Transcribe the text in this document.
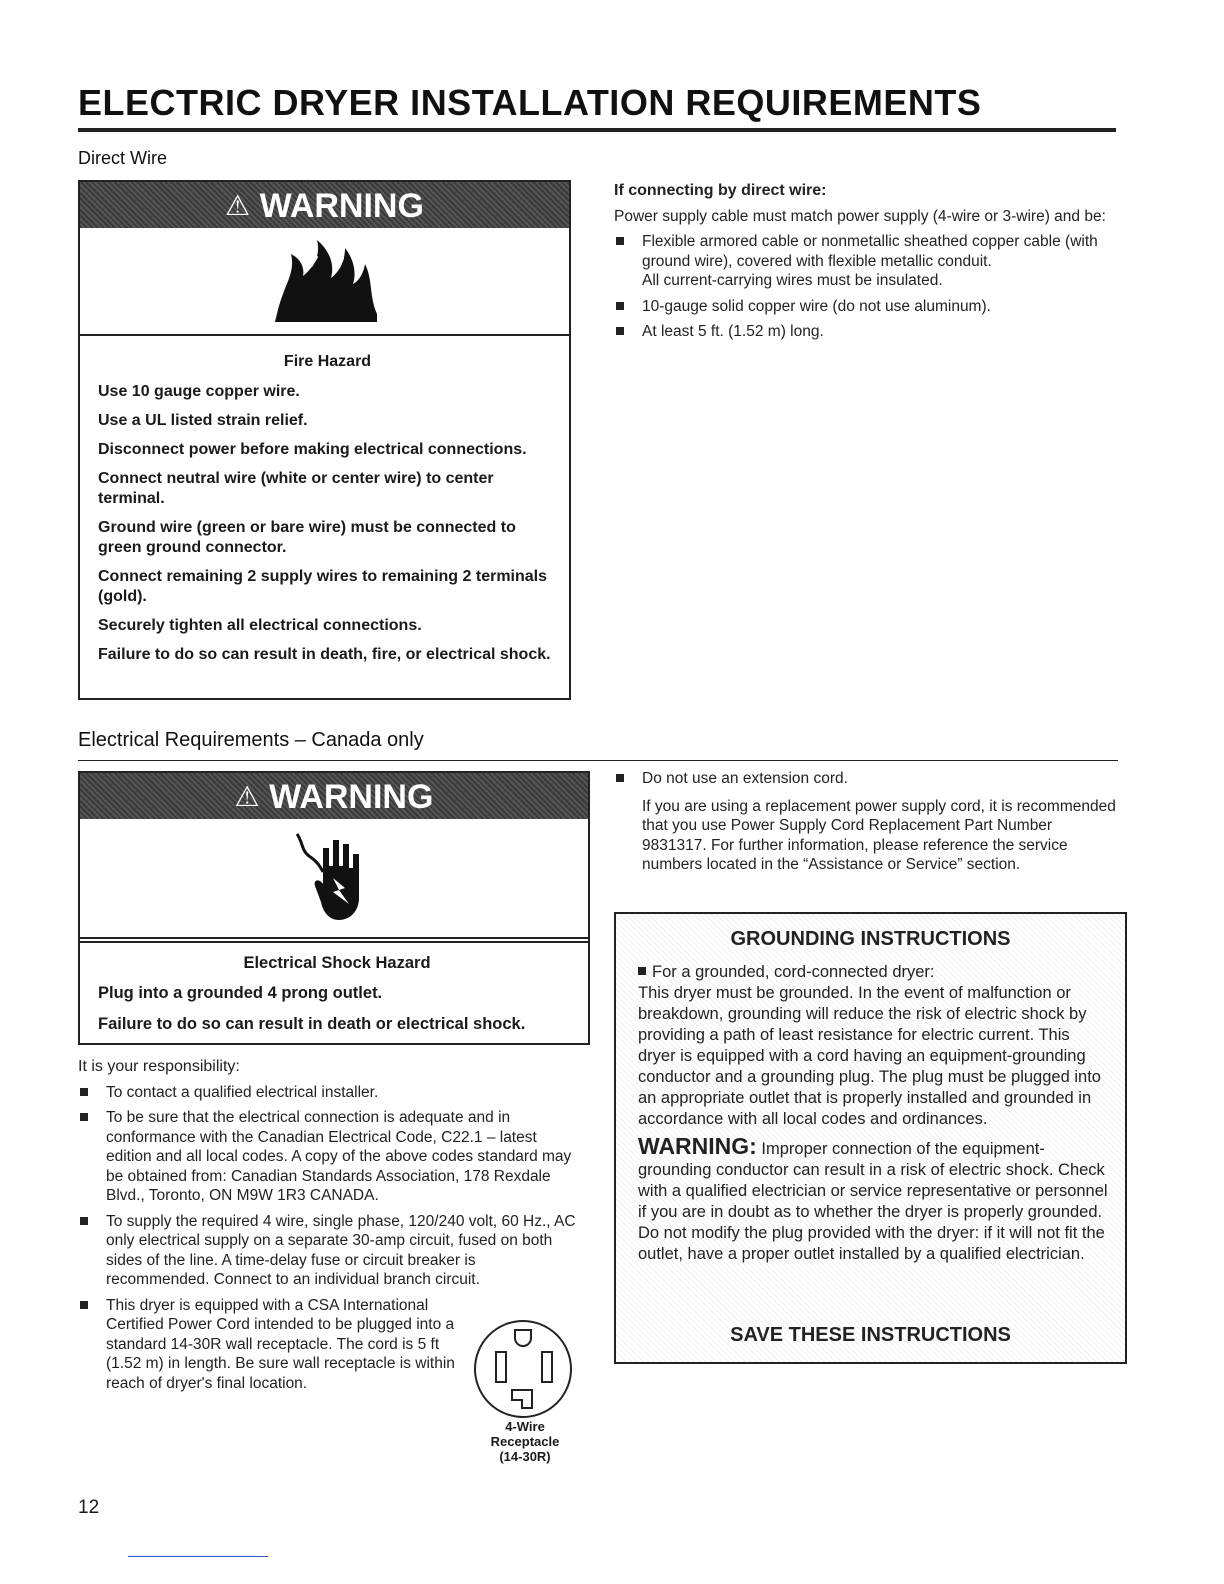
ELECTRIC DRYER INSTALLATION REQUIREMENTS
Direct Wire
⚠ WARNING

Fire Hazard

Use 10 gauge copper wire.

Use a UL listed strain relief.

Disconnect power before making electrical connections.

Connect neutral wire (white or center wire) to center terminal.

Ground wire (green or bare wire) must be connected to green ground connector.

Connect remaining 2 supply wires to remaining 2 terminals (gold).

Securely tighten all electrical connections.

Failure to do so can result in death, fire, or electrical shock.

If connecting by direct wire:
Power supply cable must match power supply (4-wire or 3-wire) and be:
Flexible armored cable or nonmetallic sheathed copper cable (with ground wire), covered with flexible metallic conduit.
All current-carrying wires must be insulated.
10-gauge solid copper wire (do not use aluminum).
At least 5 ft. (1.52 m) long.
Electrical Requirements – Canada only
⚠ WARNING

Electrical Shock Hazard

Plug into a grounded 4 prong outlet.

Failure to do so can result in death or electrical shock.

It is your responsibility:
To contact a qualified electrical installer.
To be sure that the electrical connection is adequate and in conformance with the Canadian Electrical Code, C22.1 – latest edition and all local codes. A copy of the above codes standard may be obtained from: Canadian Standards Association, 178 Rexdale Blvd., Toronto, ON M9W 1R3 CANADA.
To supply the required 4 wire, single phase, 120/240 volt, 60 Hz., AC only electrical supply on a separate 30-amp circuit, fused on both sides of the line. A time-delay fuse or circuit breaker is recommended. Connect to an individual branch circuit.
This dryer is equipped with a CSA International Certified Power Cord intended to be plugged into a standard 14-30R wall receptacle. The cord is 5 ft (1.52 m) in length. Be sure wall receptacle is within reach of dryer's final location.
4-Wire
Receptacle
(14-30R)
Do not use an extension cord.
If you are using a replacement power supply cord, it is recommended that you use Power Supply Cord Replacement Part Number 9831317. For further information, please reference the service numbers located in the “Assistance or Service” section.
GROUNDING INSTRUCTIONS
For a grounded, cord-connected dryer:
This dryer must be grounded. In the event of malfunction or breakdown, grounding will reduce the risk of electric shock by providing a path of least resistance for electric current. This dryer is equipped with a cord having an equipment-grounding conductor and a grounding plug. The plug must be plugged into an appropriate outlet that is properly installed and grounded in accordance with all local codes and ordinances.
WARNING: Improper connection of the equipment-grounding conductor can result in a risk of electric shock. Check with a qualified electrician or service representative or personnel if you are in doubt as to whether the dryer is properly grounded. Do not modify the plug provided with the dryer: if it will not fit the outlet, have a proper outlet installed by a qualified electrician.
SAVE THESE INSTRUCTIONS
12
